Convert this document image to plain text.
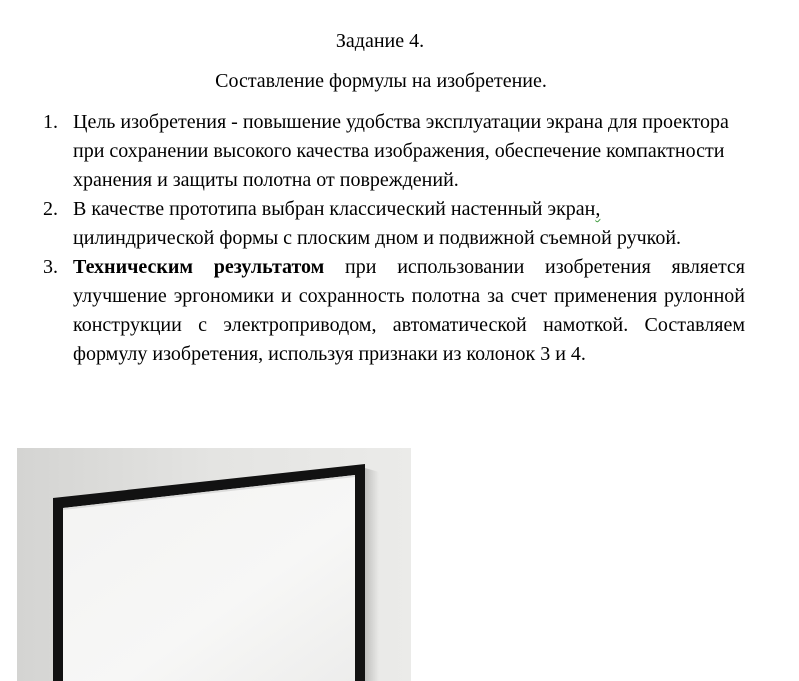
Задание 4.
Составление формулы на изобретение.
1. Цель изобретения - повышение удобства эксплуатации экрана для проектора при сохранении высокого качества изображения, обеспечение компактности хранения и защиты полотна от повреждений.
2. В качестве прототипа выбран классический настенный экран, цилиндрической формы с плоским дном и подвижной съемной ручкой.
3. Техническим результатом при использовании изобретения является улучшение эргономики и сохранность полотна за счет применения рулонной конструкции с электроприводом, автоматической намоткой. Составляем формулу изобретения, используя признаки из колонок 3 и 4.
